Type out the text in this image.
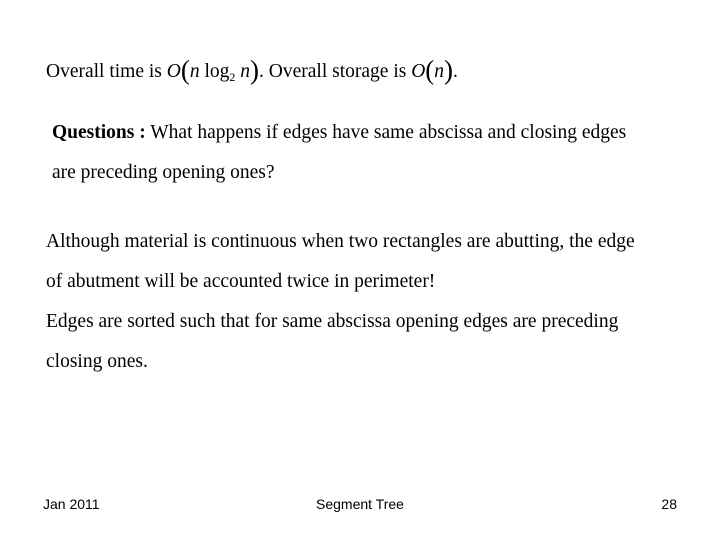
Overall time is O(n $\log_2 n$). Overall storage is O(n).
Questions : What happens if edges have same abscissa and closing edges
are preceding opening ones?
Although material is continuous when two rectangles are abutting, the edge
of abutment will be accounted twice in perimeter!
Edges are sorted such that for same abscissa opening edges are preceding
closing ones.
Jan 2011	Segment Tree	28
